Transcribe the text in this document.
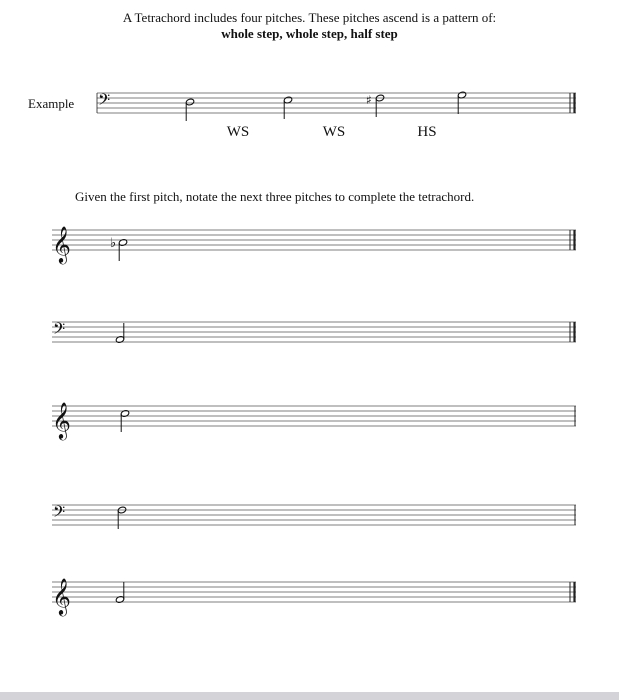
A Tetrachord includes four pitches. These pitches ascend is a pattern of:
whole step, whole step, half step
Example 𝄢	♯
WS	WS	HS
Given the first pitch, notate the next three pitches to complete the tetrachord.
𝄞	♭
𝄢
𝄞
𝄢
𝄞
